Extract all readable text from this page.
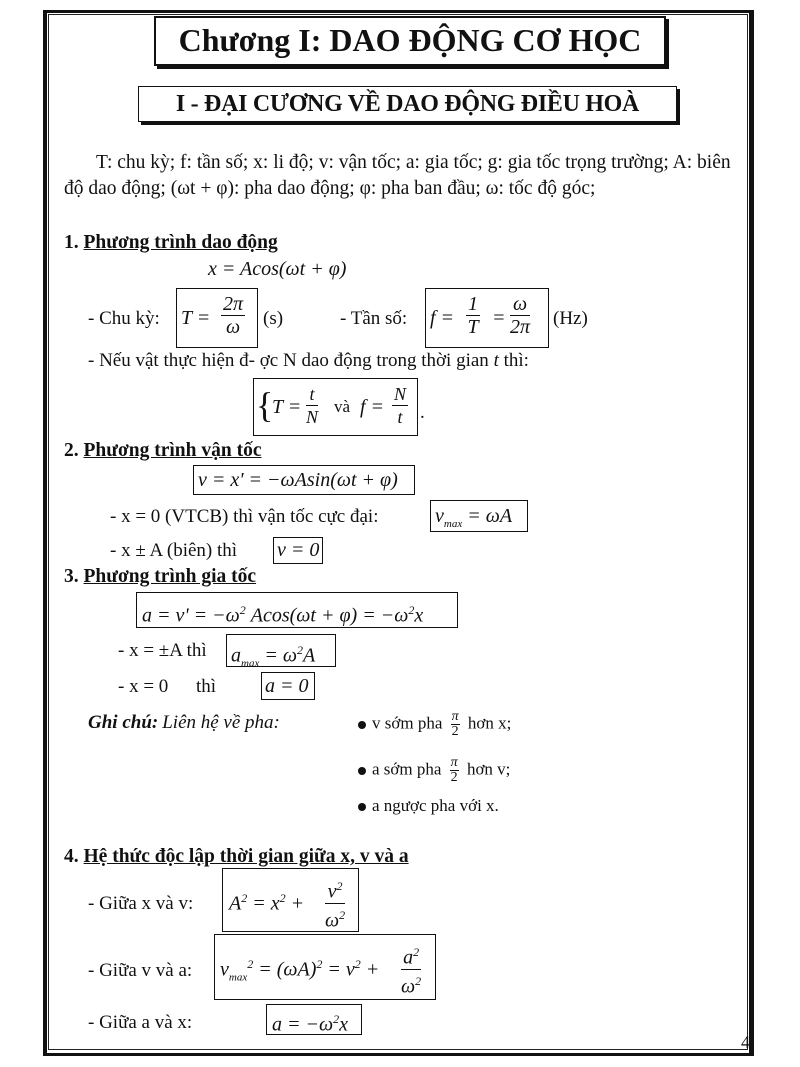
Chương I: DAO ĐỘNG CƠ HỌC
I - ĐẠI CƯƠNG VỀ DAO ĐỘNG ĐIỀU HOÀ
T: chu kỳ; f: tần số; x: li độ; v: vận tốc; a: gia tốc; g: gia tốc trọng trường; A: biên độ dao động; (ωt + φ): pha dao động; φ: pha ban đầu; ω: tốc độ góc;
1. Phương trình dao động
x = Acos(ωt + φ)
- Chu kỳ: $T = \frac{2\pi}{\omega} (s)$	- Tần số: $f = \frac{1}{T} = \frac{\omega}{2\pi} (Hz)$
- Nếu vật thực hiện đ- ợc N dao động trong thời gian t thì:
{
$T = \frac{t}{N}$ và $f = \frac{N}{t}$ .
2. Phương trình vận tốc
v = x' = −ωAsin(ωt + φ)
- x = 0 (VTCB) thì vận tốc cực đại:	$v_{max} = \omega A$
- x ± A (biên) thì v = 0
3. Phương trình gia tốc
$a = v' = -\omega^2$ $Acos(\omega t + \varphi) = -\omega^2x$
- x = ±A thì $a_{max} = \omega^2A$
- x = 0 thì a = 0
Ghi chú: Liên hệ về pha:	v sớm pha $\frac{\pi}{2}$ hơn x;
a sớm pha $\frac{\pi}{2}$ hơn v;
a ngược pha với x.
4. Hệ thức độc lập thời gian giữa x, v và a
- Giữa x và v: $A^2 = x^2 + \frac{v^2}{\omega^2}$
- Giữa v và a: $v_{max}^2 = (\omega A)^2 = v^2 + \frac{a^2}{\omega^2}$
- Giữa a và x:	$a = -\omega^2x$
4
